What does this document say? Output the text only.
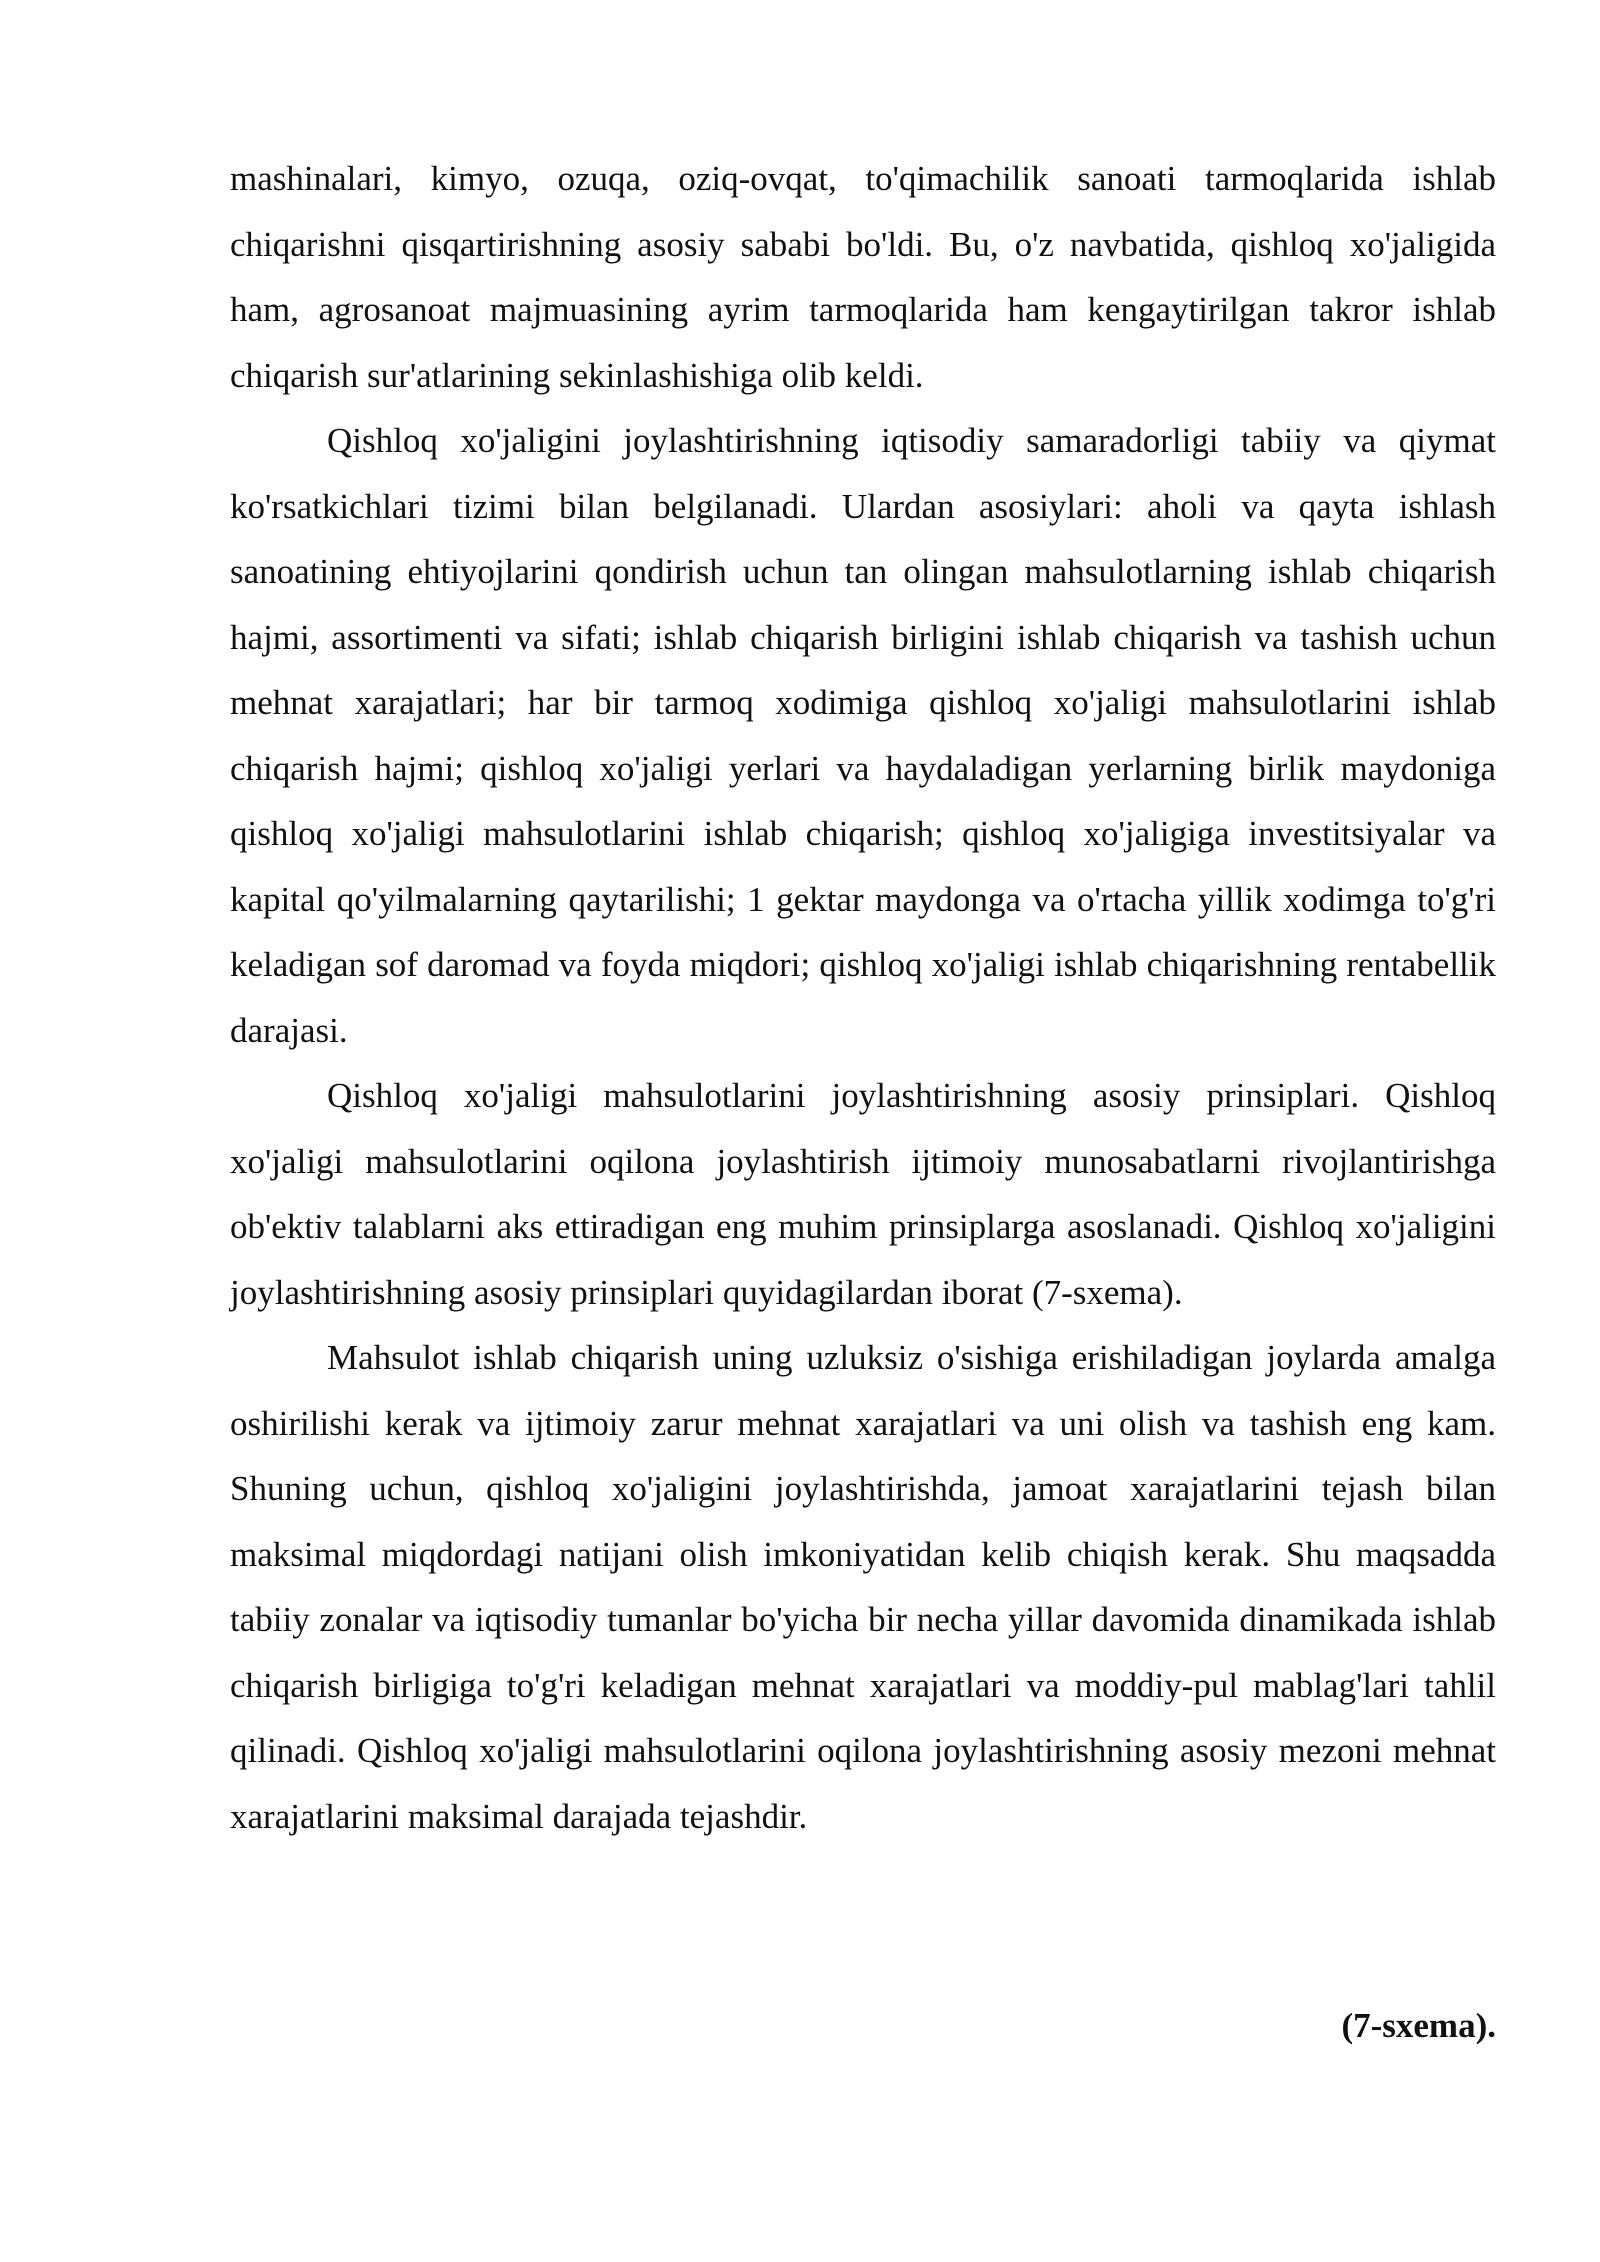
mashinalari, kimyo, ozuqa, oziq-ovqat, to'qimachilik sanoati tarmoqlarida ishlab chiqarishni qisqartirishning asosiy sababi bo'ldi. Bu, o'z navbatida, qishloq xo'jaligida ham, agrosanoat majmuasining ayrim tarmoqlarida ham kengaytirilgan takror ishlab chiqarish sur'atlarining sekinlashishiga olib keldi.

Qishloq xo'jaligini joylashtirishning iqtisodiy samaradorligi tabiiy va qiymat ko'rsatkichlari tizimi bilan belgilanadi. Ulardan asosiylari: aholi va qayta ishlash sanoatining ehtiyojlarini qondirish uchun tan olingan mahsulotlarning ishlab chiqarish hajmi, assortimenti va sifati; ishlab chiqarish birligini ishlab chiqarish va tashish uchun mehnat xarajatlari; har bir tarmoq xodimiga qishloq xo'jaligi mahsulotlarini ishlab chiqarish hajmi; qishloq xo'jaligi yerlari va haydaladigan yerlarning birlik maydoniga qishloq xo'jaligi mahsulotlarini ishlab chiqarish; qishloq xo'jaligiga investitsiyalar va kapital qo'yilmalarning qaytarilishi; 1 gektar maydonga va o'rtacha yillik xodimga to'g'ri keladigan sof daromad va foyda miqdori; qishloq xo'jaligi ishlab chiqarishning rentabellik darajasi.

Qishloq xo'jaligi mahsulotlarini joylashtirishning asosiy prinsiplari. Qishloq xo'jaligi mahsulotlarini oqilona joylashtirish ijtimoiy munosabatlarni rivojlantirishga ob'ektiv talablarni aks ettiradigan eng muhim prinsiplarga asoslanadi. Qishloq xo'jaligini joylashtirishning asosiy prinsiplari quyidagilardan iborat (7-sxema).

Mahsulot ishlab chiqarish uning uzluksiz o'sishiga erishiladigan joylarda amalga oshirilishi kerak va ijtimoiy zarur mehnat xarajatlari va uni olish va tashish eng kam. Shuning uchun, qishloq xo'jaligini joylashtirishda, jamoat xarajatlarini tejash bilan maksimal miqdordagi natijani olish imkoniyatidan kelib chiqish kerak. Shu maqsadda tabiiy zonalar va iqtisodiy tumanlar bo'yicha bir necha yillar davomida dinamikada ishlab chiqarish birligiga to'g'ri keladigan mehnat xarajatlari va moddiy-pul mablag'lari tahlil qilinadi. Qishloq xo'jaligi mahsulotlarini oqilona joylashtirishning asosiy mezoni mehnat xarajatlarini maksimal darajada tejashdir.

(7-sxema).
